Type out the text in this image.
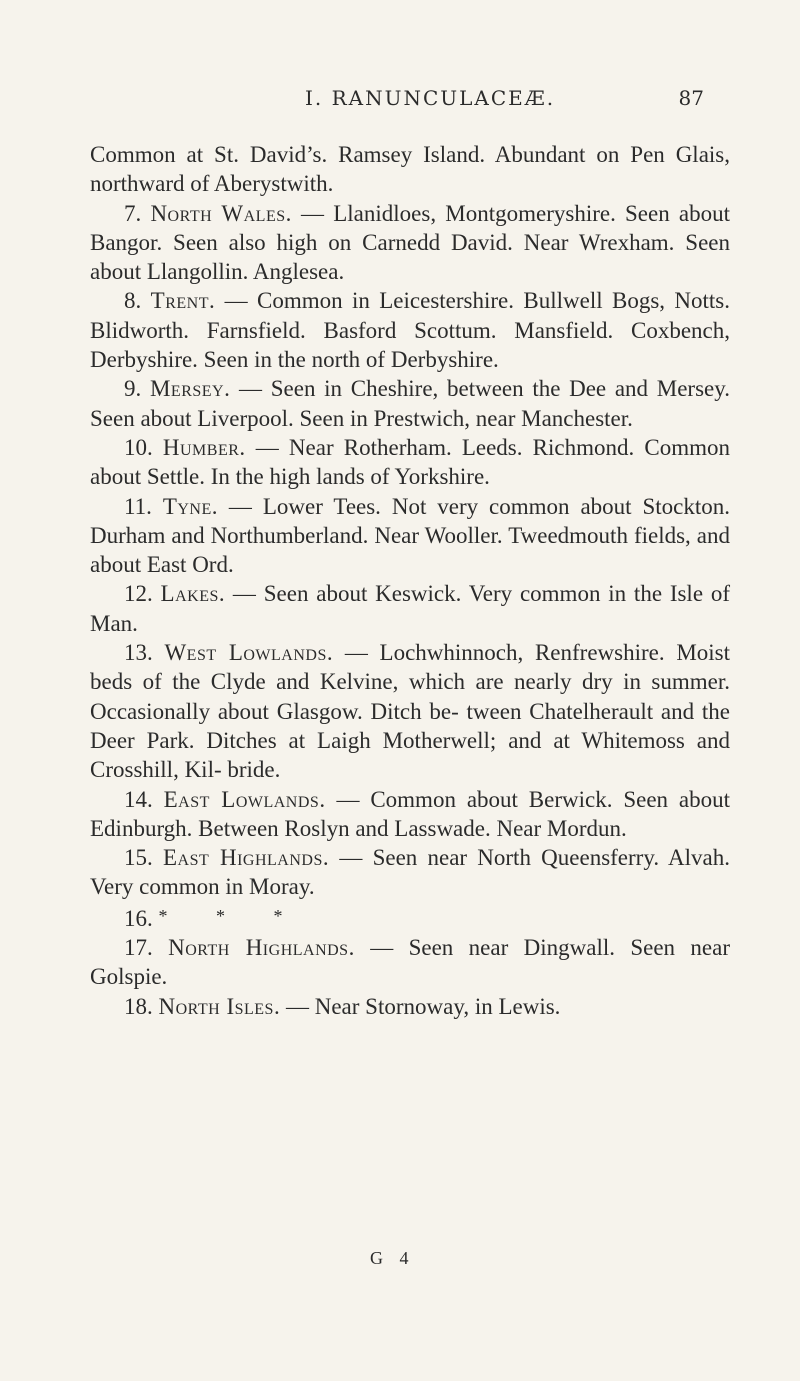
I. RANUNCULACEÆ.	87

Common at St. David’s. Ramsey Island. Abundant on Pen Glais, northward of Aberystwith.

7. North Wales. — Llanidloes, Montgomeryshire. Seen about Bangor. Seen also high on Carnedd David. Near Wrexham. Seen about Llangollin. Anglesea.

8. Trent. — Common in Leicestershire. Bullwell Bogs, Notts. Blidworth. Farnsfield. Basford Scottum. Mansfield. Coxbench, Derbyshire. Seen in the north of Derbyshire.

9. Mersey. — Seen in Cheshire, between the Dee and Mersey. Seen about Liverpool. Seen in Prestwich, near Manchester.

10. Humber. — Near Rotherham. Leeds. Richmond. Common about Settle. In the high lands of Yorkshire.

11. Tyne. — Lower Tees. Not very common about Stockton. Durham and Northumberland. Near Wooller. Tweedmouth fields, and about East Ord.

12. Lakes. — Seen about Keswick. Very common in the Isle of Man.

13. West Lowlands. — Lochwhinnoch, Renfrewshire. Moist beds of the Clyde and Kelvine, which are nearly dry in summer. Occasionally about Glasgow. Ditch be- tween Chatelherault and the Deer Park. Ditches at Laigh Motherwell; and at Whitemoss and Crosshill, Kil- bride.

14. East Lowlands. — Common about Berwick. Seen about Edinburgh. Between Roslyn and Lasswade. Near Mordun.

15. East Highlands. — Seen near North Queensferry. Alvah. Very common in Moray.

16. * * *

17. North Highlands. — Seen near Dingwall. Seen near Golspie.

18. North Isles. — Near Stornoway, in Lewis.

G 4
